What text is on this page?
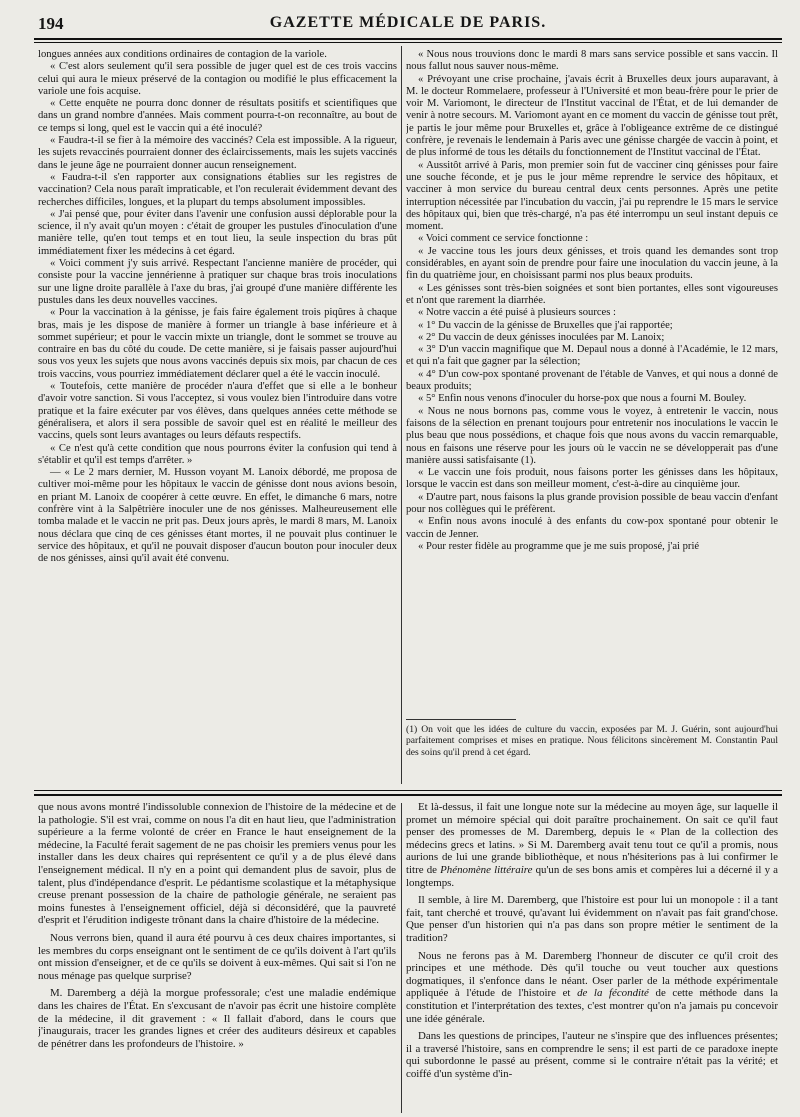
194	GAZETTE MÉDICALE DE PARIS.

longues années aux conditions ordinaires de contagion de la variole.

« C'est alors seulement qu'il sera possible de juger quel est de ces trois vaccins celui qui aura le mieux préservé de la contagion ou modifié le plus efficacement la variole une fois acquise.

« Cette enquête ne pourra donc donner de résultats positifs et scientifiques que dans un grand nombre d'années. Mais comment pourra-t-on reconnaître, au bout de ce temps si long, quel est le vaccin qui a été inoculé?

« Faudra-t-il se fier à la mémoire des vaccinés? Cela est impossible. A la rigueur, les sujets revaccinés pourraient donner des éclaircissements, mais les sujets vaccinés dans le jeune âge ne pourraient donner aucun renseignement.

« Faudra-t-il s'en rapporter aux consignations établies sur les registres de vaccination? Cela nous paraît impraticable, et l'on reculerait évidemment devant des recherches difficiles, longues, et la plupart du temps absolument impossibles.

« J'ai pensé que, pour éviter dans l'avenir une confusion aussi déplorable pour la science, il n'y avait qu'un moyen : c'était de grouper les pustules d'inoculation d'une manière telle, qu'en tout temps et en tout lieu, la seule inspection du bras pût immédiatement fixer les médecins à cet égard.

« Voici comment j'y suis arrivé. Respectant l'ancienne manière de procéder, qui consiste pour la vaccine jennérienne à pratiquer sur chaque bras trois inoculations sur une ligne droite parallèle à l'axe du bras, j'ai groupé d'une manière différente les pustules dans les deux nouvelles vaccines.

« Pour la vaccination à la génisse, je fais faire également trois piqûres à chaque bras, mais je les dispose de manière à former un triangle à base inférieure et à sommet supérieur; et pour le vaccin mixte un triangle, dont le sommet se trouve au contraire en bas du côté du coude. De cette manière, si je faisais passer aujourd'hui sous vos yeux les sujets que nous avons vaccinés depuis six mois, par chacun de ces trois vaccins, vous pourriez immédiatement déclarer quel a été le vaccin inoculé.

« Toutefois, cette manière de procéder n'aura d'effet que si elle a le bonheur d'avoir votre sanction. Si vous l'acceptez, si vous voulez bien l'introduire dans votre pratique et la faire exécuter par vos élèves, dans quelques années cette méthode se généralisera, et alors il sera possible de savoir quel est en réalité le meilleur des vaccins, quels sont leurs avantages ou leurs défauts respectifs.

« Ce n'est qu'à cette condition que nous pourrons éviter la confusion qui tend à s'établir et qu'il est temps d'arrêter. »

— « Le 2 mars dernier, M. Husson voyant M. Lanoix débordé, me proposa de cultiver moi-même pour les hôpitaux le vaccin de génisse dont nous avions besoin, en priant M. Lanoix de coopérer à cette œuvre. En effet, le dimanche 6 mars, notre confrère vint à la Salpêtrière inoculer une de nos génisses. Malheureusement elle tomba malade et le vaccin ne prit pas. Deux jours après, le mardi 8 mars, M. Lanoix nous déclara que cinq de ces génisses étant mortes, il ne pouvait plus continuer le service des hôpitaux, et qu'il ne pouvait disposer d'aucun bouton pour inoculer deux de nos génisses, ainsi qu'il avait été convenu.

« Nous nous trouvions donc le mardi 8 mars sans service possible et sans vaccin. Il nous fallut nous sauver nous-même.

« Prévoyant une crise prochaine, j'avais écrit à Bruxelles deux jours auparavant, à M. le docteur Rommelaere, professeur à l'Université et mon beau-frère pour le prier de voir M. Variomont, le directeur de l'Institut vaccinal de l'État, et de lui demander de venir à notre secours. M. Variomont ayant en ce moment du vaccin de génisse tout prêt, je partis le jour même pour Bruxelles et, grâce à l'obligeance extrême de ce distingué confrère, je revenais le lendemain à Paris avec une génisse chargée de vaccin à point, et de plus informé de tous les détails du fonctionnement de l'Institut vaccinal de l'État.

« Aussitôt arrivé à Paris, mon premier soin fut de vacciner cinq génisses pour faire une souche féconde, et je pus le jour même reprendre le service des hôpitaux, et vacciner à mon service du bureau central deux cents personnes. Après une petite interruption nécessitée par l'incubation du vaccin, j'ai pu reprendre le 15 mars le service des hôpitaux qui, bien que très-chargé, n'a pas été interrompu un seul instant depuis ce moment.

« Voici comment ce service fonctionne :

« Je vaccine tous les jours deux génisses, et trois quand les demandes sont trop considérables, en ayant soin de prendre pour faire une inoculation du vaccin jeune, à la fin du quatrième jour, en choisissant parmi nos plus beaux produits.

« Les génisses sont très-bien soignées et sont bien portantes, elles sont vigoureuses et n'ont que rarement la diarrhée.

« Notre vaccin a été puisé à plusieurs sources :

« 1° Du vaccin de la génisse de Bruxelles que j'ai rapportée;

« 2° Du vaccin de deux génisses inoculées par M. Lanoix;

« 3° D'un vaccin magnifique que M. Depaul nous a donné à l'Académie, le 12 mars, et qui n'a fait que gagner par la sélection;

« 4° D'un cow-pox spontané provenant de l'étable de Vanves, et qui nous a donné de beaux produits;

« 5° Enfin nous venons d'inoculer du horse-pox que nous a fourni M. Bouley.

« Nous ne nous bornons pas, comme vous le voyez, à entretenir le vaccin, nous faisons de la sélection en prenant toujours pour entretenir nos inoculations le vaccin le plus beau que nous possédions, et chaque fois que nous avons du vaccin remarquable, nous en faisons une réserve pour les jours où le vaccin ne se développerait pas d'une manière aussi satisfaisante (1).

« Le vaccin une fois produit, nous faisons porter les génisses dans les hôpitaux, lorsque le vaccin est dans son meilleur moment, c'est-à-dire au cinquième jour.

« D'autre part, nous faisons la plus grande provision possible de beau vaccin d'enfant pour nos collègues qui le préfèrent.

« Enfin nous avons inoculé à des enfants du cow-pox spontané pour obtenir le vaccin de Jenner.

« Pour rester fidèle au programme que je me suis proposé, j'ai prié

(1) On voit que les idées de culture du vaccin, exposées par M. J. Guérin, sont aujourd'hui parfaitement comprises et mises en pratique. Nous félicitons sincèrement M. Constantin Paul des soins qu'il prend à cet égard.

que nous avons montré l'indissoluble connexion de l'histoire de la médecine et de la pathologie. S'il est vrai, comme on nous l'a dit en haut lieu, que l'administration supérieure a la ferme volonté de créer en France le haut enseignement de la médecine, la Faculté ferait sagement de ne pas choisir les premiers venus pour les installer dans les deux chaires qui représentent ce qu'il y a de plus élevé dans l'enseignement médical. Il n'y en a point qui demandent plus de savoir, plus de talent, plus d'indépendance d'esprit. Le pédantisme scolastique et la métaphysique creuse prenant possession de la chaire de pathologie générale, ne seraient pas moins funestes à l'enseignement officiel, déjà si déconsidéré, que la pauvreté d'esprit et l'érudition indigeste trônant dans la chaire d'histoire de la médecine.

Nous verrons bien, quand il aura été pourvu à ces deux chaires importantes, si les membres du corps enseignant ont le sentiment de ce qu'ils doivent à l'art qu'ils ont mission d'enseigner, et de ce qu'ils se doivent à eux-mêmes. Qui sait si l'on ne nous ménage pas quelque surprise?

M. Daremberg a déjà la morgue professorale; c'est une maladie endémique dans les chaires de l'État. En s'excusant de n'avoir pas écrit une histoire complète de la médecine, il dit gravement : « Il fallait d'abord, dans le cours que j'inaugurais, tracer les grandes lignes et créer des auditeurs désireux et capables de pénétrer dans les profondeurs de l'histoire. »

Et là-dessus, il fait une longue note sur la médecine au moyen âge, sur laquelle il promet un mémoire spécial qui doit paraître prochainement. On sait ce qu'il faut penser des promesses de M. Daremberg, depuis le « Plan de la collection des médecins grecs et latins. » Si M. Daremberg avait tenu tout ce qu'il a promis, nous aurions de lui une grande bibliothèque, et nous n'hésiterions pas à lui confirmer le titre de Phénomène littéraire qu'un de ses bons amis et compères lui a décerné il y a longtemps.

Il semble, à lire M. Daremberg, que l'histoire est pour lui un monopole : il a tant fait, tant cherché et trouvé, qu'avant lui évidemment on n'avait pas fait grand'chose. Que penser d'un historien qui n'a pas dans son propre métier le sentiment de la tradition?

Nous ne ferons pas à M. Daremberg l'honneur de discuter ce qu'il croit des principes et une méthode. Dès qu'il touche ou veut toucher aux questions dogmatiques, il s'enfonce dans le néant. Oser parler de la méthode expérimentale appliquée à l'étude de l'histoire et de la fécondité de cette méthode dans la constitution et l'interprétation des textes, c'est montrer qu'on n'a jamais pu concevoir une idée générale.

Dans les questions de principes, l'auteur ne s'inspire que des influences présentes; il a traversé l'histoire, sans en comprendre le sens; il est parti de ce paradoxe inepte qui subordonne le passé au présent, comme si le contraire n'était pas la vérité; et coiffé d'un système d'in-
